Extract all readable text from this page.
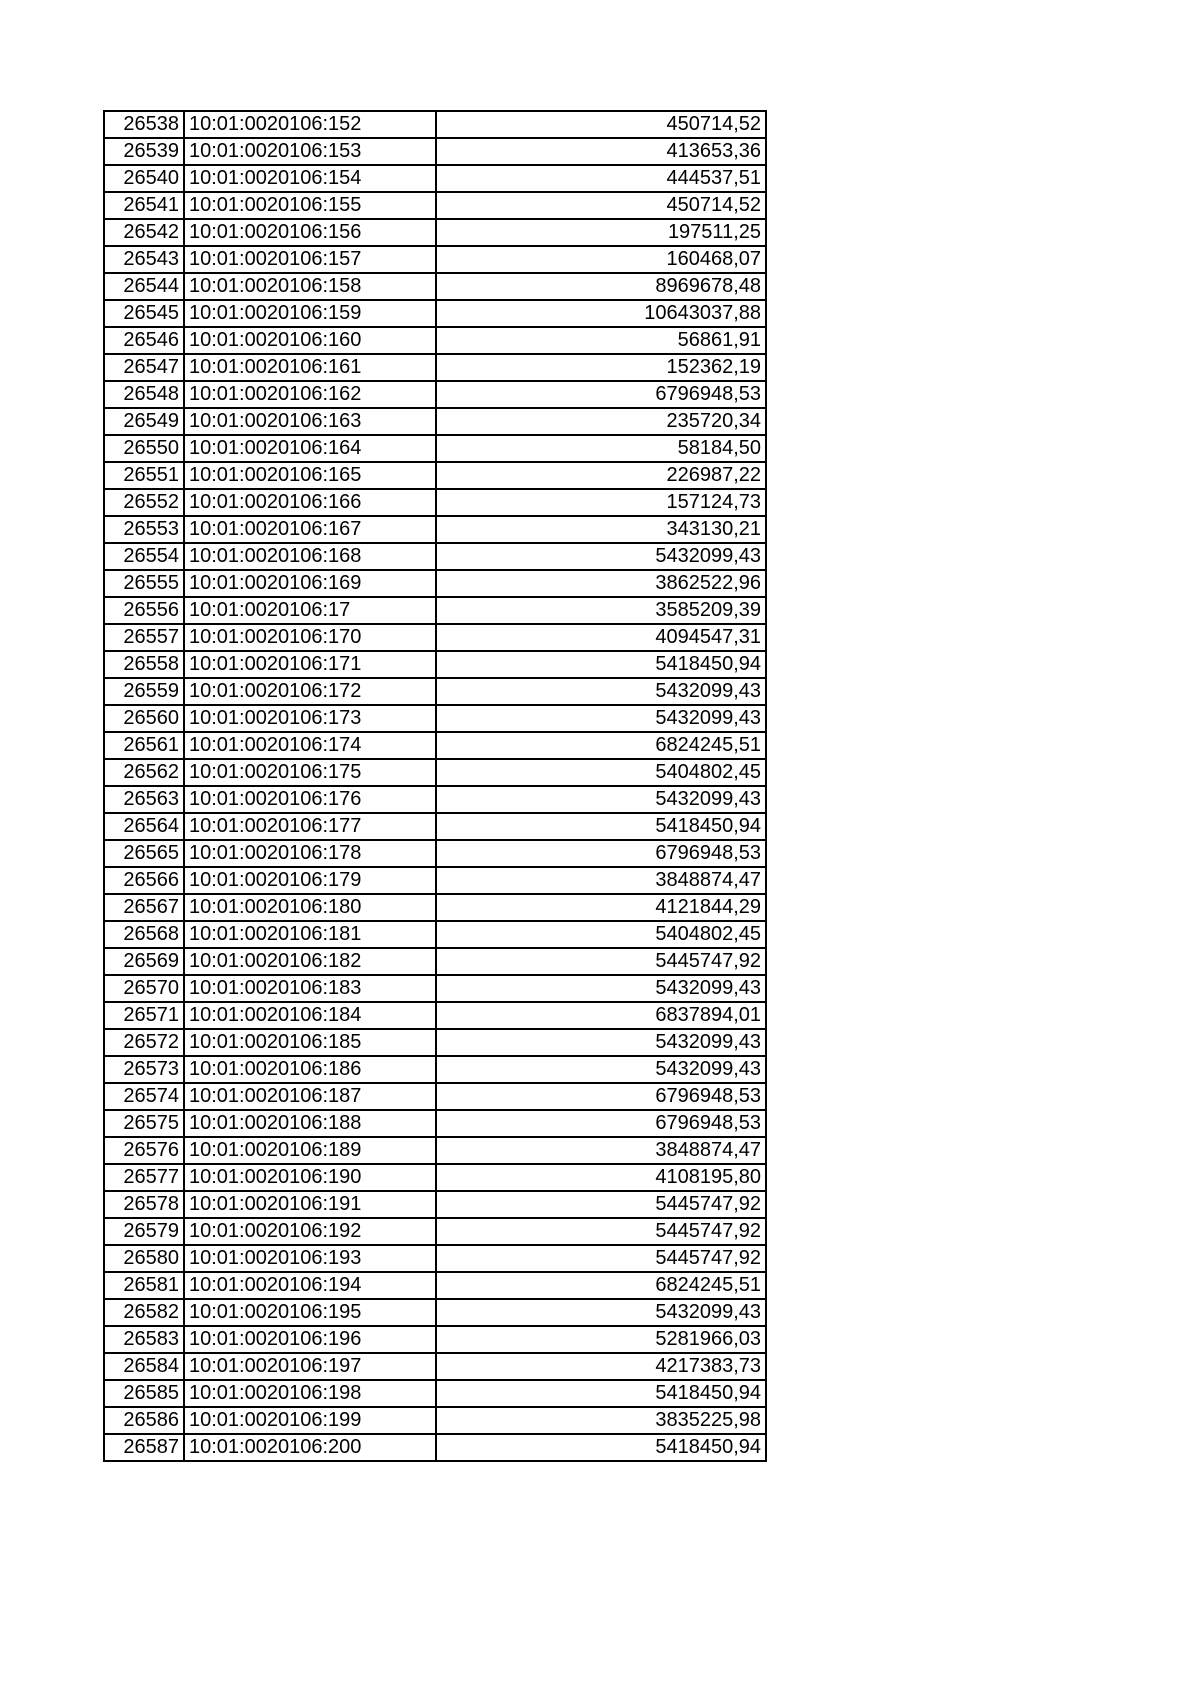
26538	10:01:0020106:152	450714,52
26539	10:01:0020106:153	413653,36
26540	10:01:0020106:154	444537,51
26541	10:01:0020106:155	450714,52
26542	10:01:0020106:156	197511,25
26543	10:01:0020106:157	160468,07
26544	10:01:0020106:158	8969678,48
26545	10:01:0020106:159	10643037,88
26546	10:01:0020106:160	56861,91
26547	10:01:0020106:161	152362,19
26548	10:01:0020106:162	6796948,53
26549	10:01:0020106:163	235720,34
26550	10:01:0020106:164	58184,50
26551	10:01:0020106:165	226987,22
26552	10:01:0020106:166	157124,73
26553	10:01:0020106:167	343130,21
26554	10:01:0020106:168	5432099,43
26555	10:01:0020106:169	3862522,96
26556	10:01:0020106:17	3585209,39
26557	10:01:0020106:170	4094547,31
26558	10:01:0020106:171	5418450,94
26559	10:01:0020106:172	5432099,43
26560	10:01:0020106:173	5432099,43
26561	10:01:0020106:174	6824245,51
26562	10:01:0020106:175	5404802,45
26563	10:01:0020106:176	5432099,43
26564	10:01:0020106:177	5418450,94
26565	10:01:0020106:178	6796948,53
26566	10:01:0020106:179	3848874,47
26567	10:01:0020106:180	4121844,29
26568	10:01:0020106:181	5404802,45
26569	10:01:0020106:182	5445747,92
26570	10:01:0020106:183	5432099,43
26571	10:01:0020106:184	6837894,01
26572	10:01:0020106:185	5432099,43
26573	10:01:0020106:186	5432099,43
26574	10:01:0020106:187	6796948,53
26575	10:01:0020106:188	6796948,53
26576	10:01:0020106:189	3848874,47
26577	10:01:0020106:190	4108195,80
26578	10:01:0020106:191	5445747,92
26579	10:01:0020106:192	5445747,92
26580	10:01:0020106:193	5445747,92
26581	10:01:0020106:194	6824245,51
26582	10:01:0020106:195	5432099,43
26583	10:01:0020106:196	5281966,03
26584	10:01:0020106:197	4217383,73
26585	10:01:0020106:198	5418450,94
26586	10:01:0020106:199	3835225,98
26587	10:01:0020106:200	5418450,94
